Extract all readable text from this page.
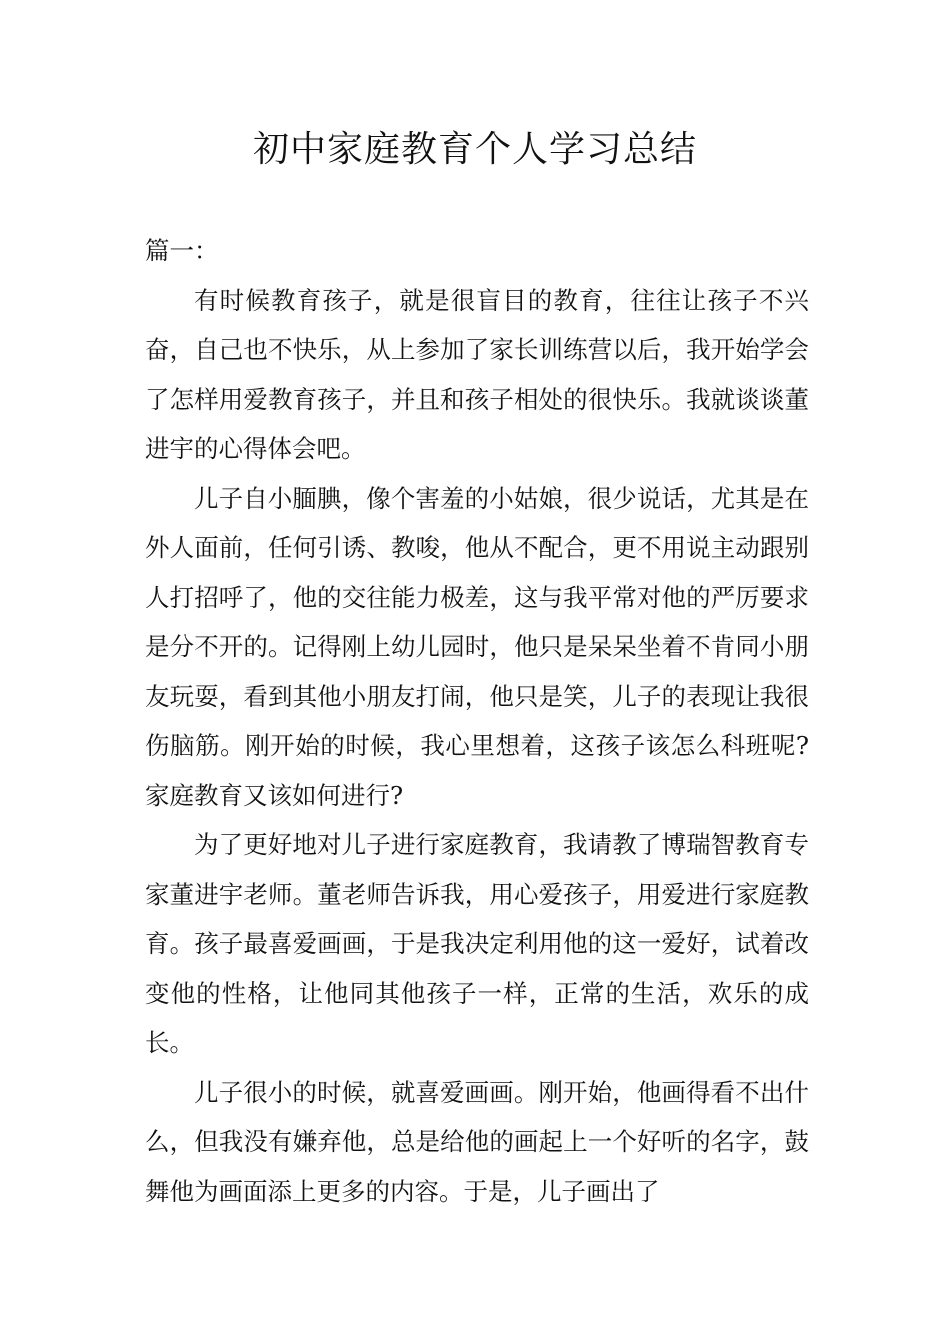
初中家庭教育个人学习总结

篇一：

有时候教育孩子，就是很盲目的教育，往往让孩子不兴奋，自己也不快乐，从上参加了家长训练营以后，我开始学会了怎样用爱教育孩子，并且和孩子相处的很快乐。我就谈谈董进宇的心得体会吧。

儿子自小腼腆，像个害羞的小姑娘，很少说话，尤其是在外人面前，任何引诱、教唆，他从不配合，更不用说主动跟别人打招呼了，他的交往能力极差，这与我平常对他的严厉要求是分不开的。记得刚上幼儿园时，他只是呆呆坐着不肯同小朋友玩耍，看到其他小朋友打闹，他只是笑，儿子的表现让我很伤脑筋。刚开始的时候，我心里想着，这孩子该怎么科班呢?家庭教育又该如何进行?

为了更好地对儿子进行家庭教育，我请教了博瑞智教育专家董进宇老师。董老师告诉我，用心爱孩子，用爱进行家庭教育。孩子最喜爱画画，于是我决定利用他的这一爱好，试着改变他的性格，让他同其他孩子一样，正常的生活，欢乐的成长。

儿子很小的时候，就喜爱画画。刚开始，他画得看不出什么，但我没有嫌弃他，总是给他的画起上一个好听的名字，鼓舞他为画面添上更多的内容。于是，儿子画出了
